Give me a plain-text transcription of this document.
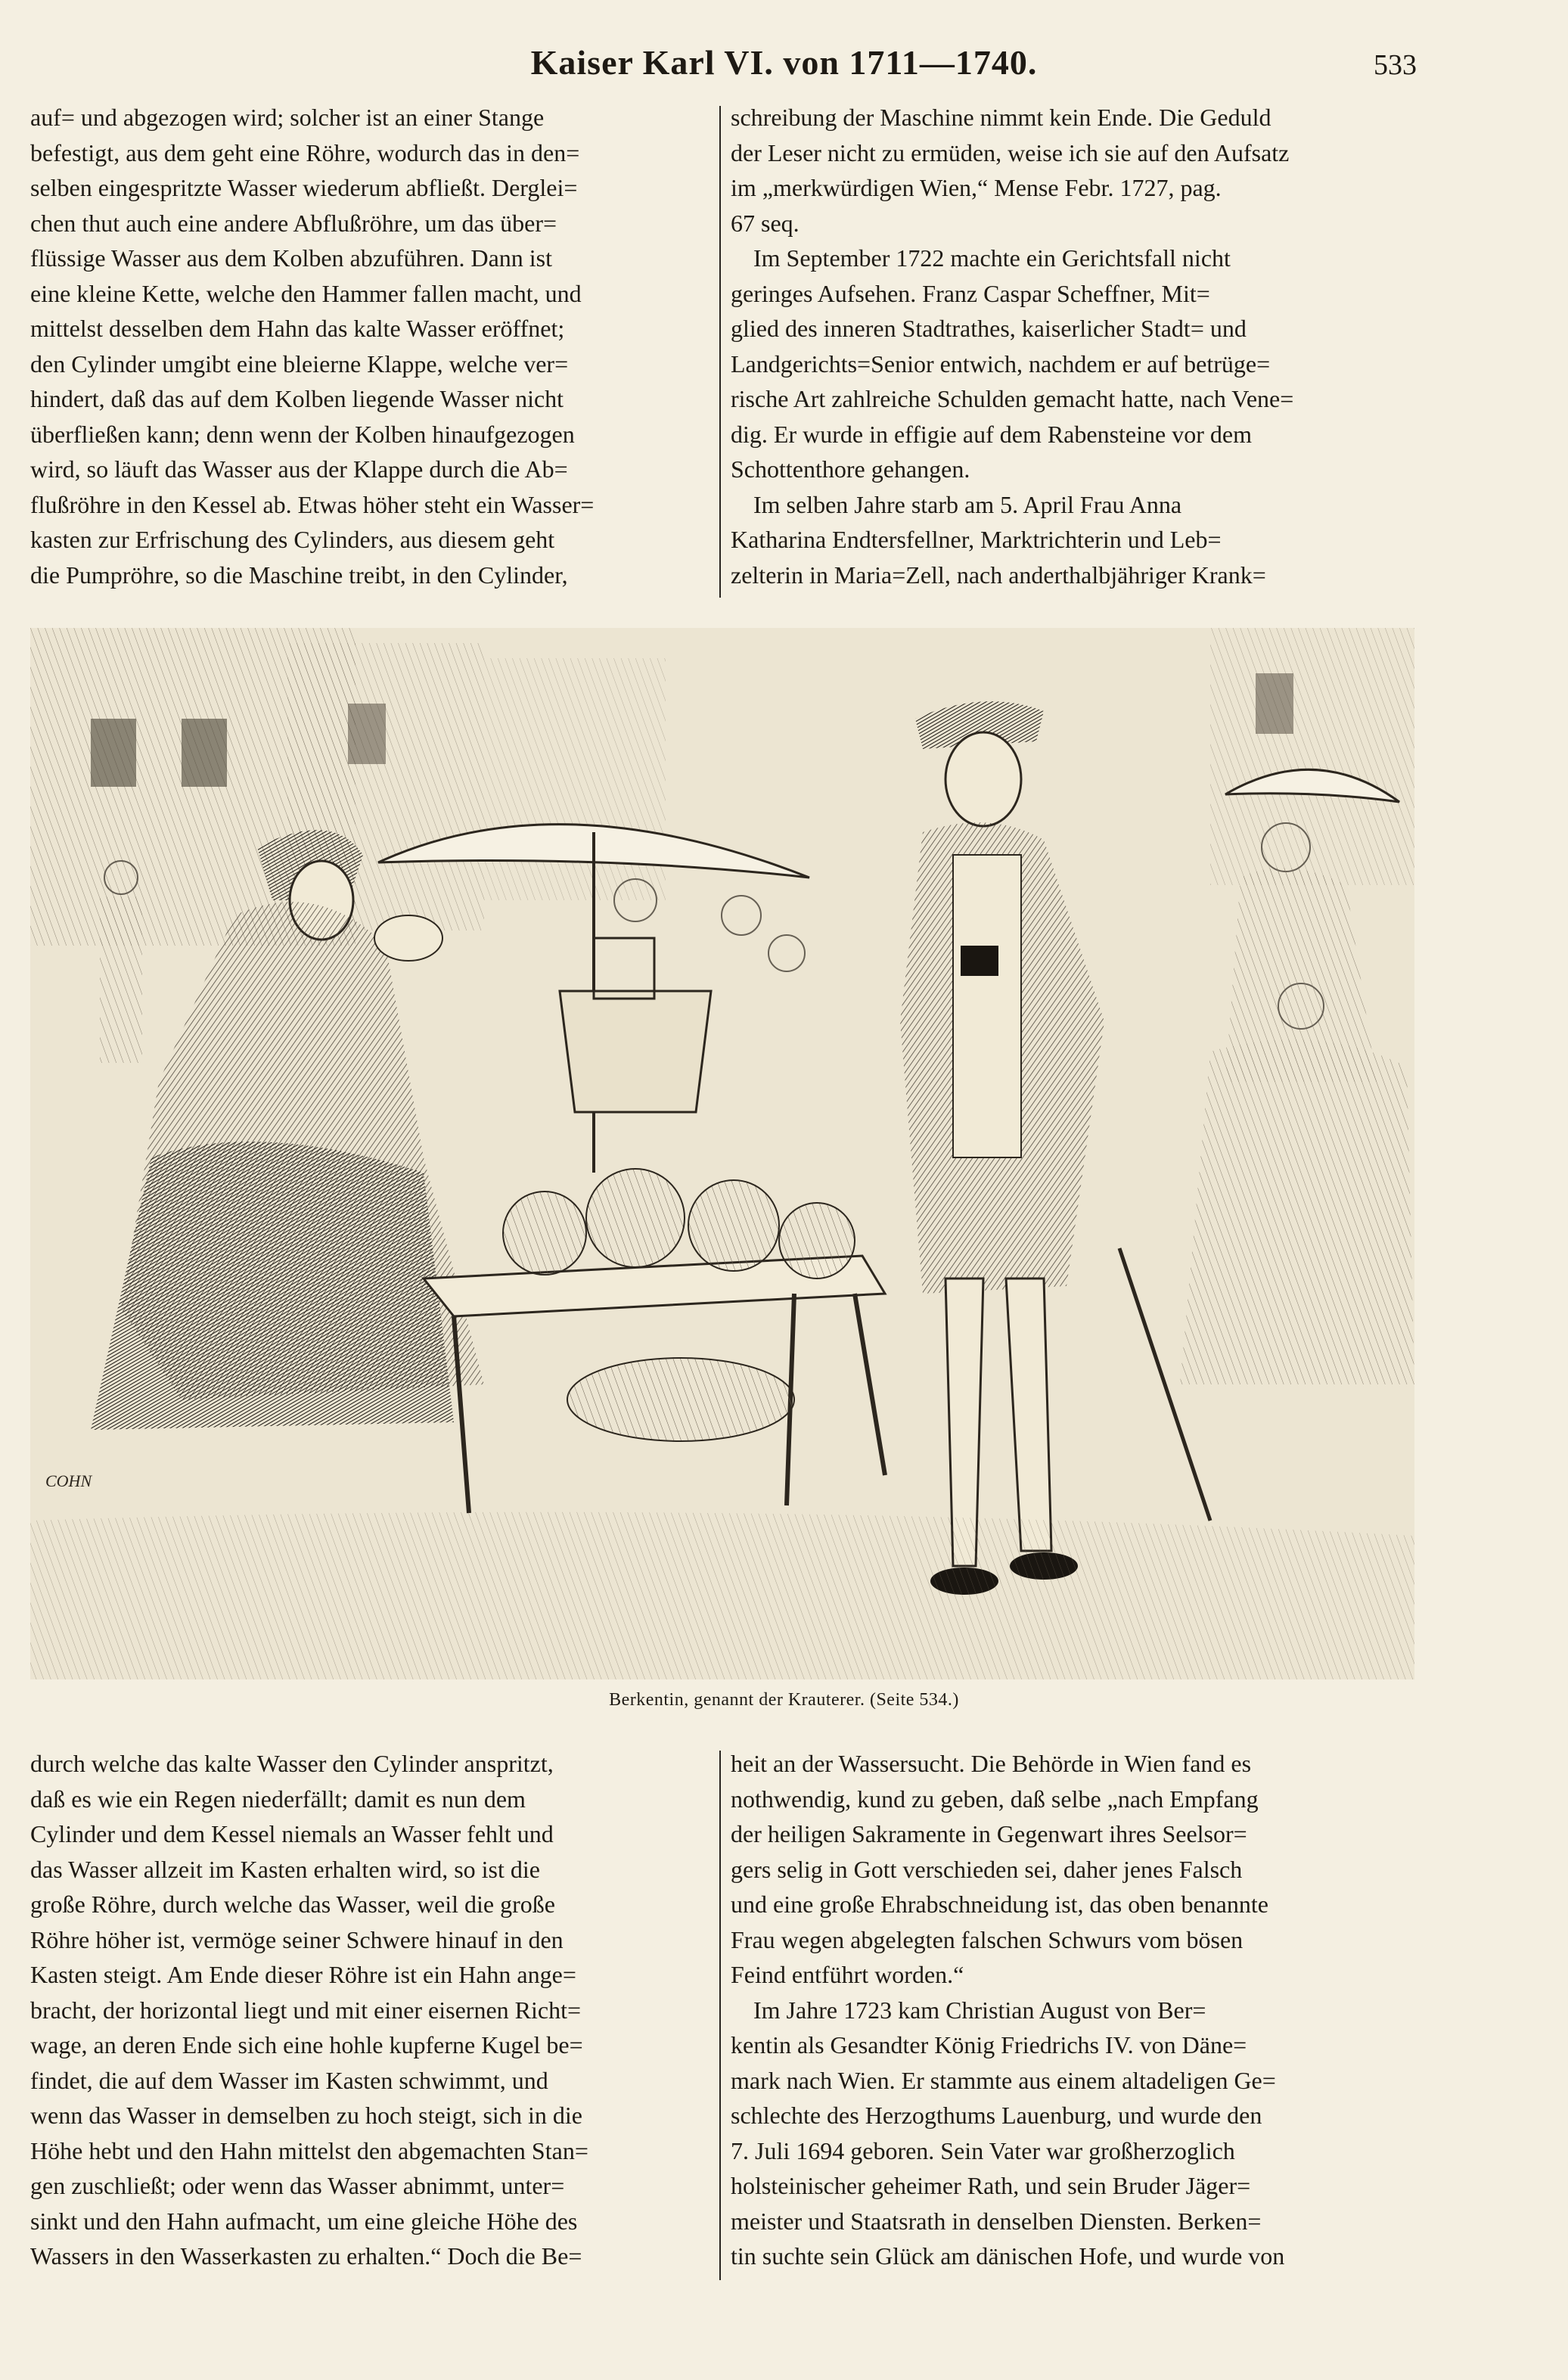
Kaiser Karl VI. von 1711—1740.	533
auf= und abgezogen wird; solcher ist an einer Stange
befestigt, aus dem geht eine Röhre, wodurch das in den=
selben eingespritzte Wasser wiederum abfließt. Derglei=
chen thut auch eine andere Abflußröhre, um das über=
flüssige Wasser aus dem Kolben abzuführen. Dann ist
eine kleine Kette, welche den Hammer fallen macht, und
mittelst desselben dem Hahn das kalte Wasser eröffnet;
den Cylinder umgibt eine bleierne Klappe, welche ver=
hindert, daß das auf dem Kolben liegende Wasser nicht
überfließen kann; denn wenn der Kolben hinaufgezogen
wird, so läuft das Wasser aus der Klappe durch die Ab=
flußröhre in den Kessel ab. Etwas höher steht ein Wasser=
kasten zur Erfrischung des Cylinders, aus diesem geht
die Pumpröhre, so die Maschine treibt, in den Cylinder,
schreibung der Maschine nimmt kein Ende. Die Geduld
der Leser nicht zu ermüden, weise ich sie auf den Aufsatz
im „merkwürdigen Wien,“ Mense Febr. 1727, pag.
67 seq.
Im September 1722 machte ein Gerichtsfall nicht
geringes Aufsehen. Franz Caspar Scheffner, Mit=
glied des inneren Stadtrathes, kaiserlicher Stadt= und
Landgerichts=Senior entwich, nachdem er auf betrüge=
rische Art zahlreiche Schulden gemacht hatte, nach Vene=
dig. Er wurde in effigie auf dem Rabensteine vor dem
Schottenthore gehangen.
Im selben Jahre starb am 5. April Frau Anna
Katharina Endtersfellner, Marktrichterin und Leb=
zelterin in Maria=Zell, nach anderthalbjähriger Krank=
COHN
Berkentin, genannt der Krauterer. (Seite 534.)
durch welche das kalte Wasser den Cylinder anspritzt,
daß es wie ein Regen niederfällt; damit es nun dem
Cylinder und dem Kessel niemals an Wasser fehlt und
das Wasser allzeit im Kasten erhalten wird, so ist die
große Röhre, durch welche das Wasser, weil die große
Röhre höher ist, vermöge seiner Schwere hinauf in den
Kasten steigt. Am Ende dieser Röhre ist ein Hahn ange=
bracht, der horizontal liegt und mit einer eisernen Richt=
wage, an deren Ende sich eine hohle kupferne Kugel be=
findet, die auf dem Wasser im Kasten schwimmt, und
wenn das Wasser in demselben zu hoch steigt, sich in die
Höhe hebt und den Hahn mittelst den abgemachten Stan=
gen zuschließt; oder wenn das Wasser abnimmt, unter=
sinkt und den Hahn aufmacht, um eine gleiche Höhe des
Wassers in den Wasserkasten zu erhalten.“ Doch die Be=
heit an der Wassersucht. Die Behörde in Wien fand es
nothwendig, kund zu geben, daß selbe „nach Empfang
der heiligen Sakramente in Gegenwart ihres Seelsor=
gers selig in Gott verschieden sei, daher jenes Falsch
und eine große Ehrabschneidung ist, das oben benannte
Frau wegen abgelegten falschen Schwurs vom bösen
Feind entführt worden.“
Im Jahre 1723 kam Christian August von Ber=
kentin als Gesandter König Friedrichs IV. von Däne=
mark nach Wien. Er stammte aus einem altadeligen Ge=
schlechte des Herzogthums Lauenburg, und wurde den
7. Juli 1694 geboren. Sein Vater war großherzoglich
holsteinischer geheimer Rath, und sein Bruder Jäger=
meister und Staatsrath in denselben Diensten. Berken=
tin suchte sein Glück am dänischen Hofe, und wurde von
